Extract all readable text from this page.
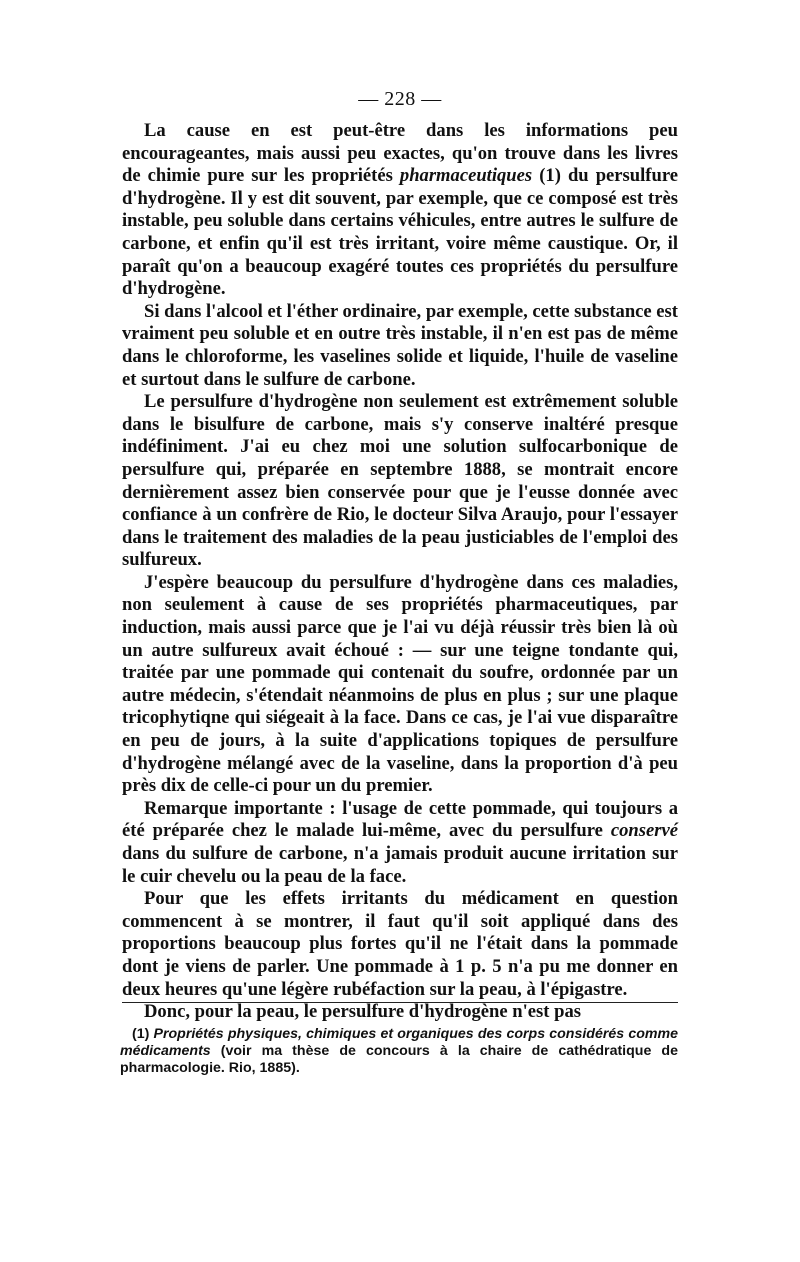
— 228 —

La cause en est peut-être dans les informations peu encourageantes, mais aussi peu exactes, qu'on trouve dans les livres de chimie pure sur les propriétés pharmaceutiques (1) du persulfure d'hydrogène. Il y est dit souvent, par exemple, que ce composé est très instable, peu soluble dans certains véhicules, entre autres le sulfure de carbone, et enfin qu'il est très irritant, voire même caustique. Or, il paraît qu'on a beaucoup exagéré toutes ces propriétés du persulfure d'hydrogène.

Si dans l'alcool et l'éther ordinaire, par exemple, cette substance est vraiment peu soluble et en outre très instable, il n'en est pas de même dans le chloroforme, les vaselines solide et liquide, l'huile de vaseline et surtout dans le sulfure de carbone.

Le persulfure d'hydrogène non seulement est extrêmement soluble dans le bisulfure de carbone, mais s'y conserve inaltéré presque indéfiniment. J'ai eu chez moi une solution sulfocarbonique de persulfure qui, préparée en septembre 1888, se montrait encore dernièrement assez bien conservée pour que je l'eusse donnée avec confiance à un confrère de Rio, le docteur Silva Araujo, pour l'essayer dans le traitement des maladies de la peau justiciables de l'emploi des sulfureux.

J'espère beaucoup du persulfure d'hydrogène dans ces maladies, non seulement à cause de ses propriétés pharmaceutiques, par induction, mais aussi parce que je l'ai vu déjà réussir très bien là où un autre sulfureux avait échoué : — sur une teigne tondante qui, traitée par une pommade qui contenait du soufre, ordonnée par un autre médecin, s'étendait néanmoins de plus en plus ; sur une plaque tricophytiqne qui siégeait à la face. Dans ce cas, je l'ai vue disparaître en peu de jours, à la suite d'applications topiques de persulfure d'hydrogène mélangé avec de la vaseline, dans la proportion d'à peu près dix de celle-ci pour un du premier.

Remarque importante : l'usage de cette pommade, qui toujours a été préparée chez le malade lui-même, avec du persulfure conservé dans du sulfure de carbone, n'a jamais produit aucune irritation sur le cuir chevelu ou la peau de la face.

Pour que les effets irritants du médicament en question commencent à se montrer, il faut qu'il soit appliqué dans des proportions beaucoup plus fortes qu'il ne l'était dans la pommade dont je viens de parler. Une pommade à 1 p. 5 n'a pu me donner en deux heures qu'une légère rubéfaction sur la peau, à l'épigastre.

Donc, pour la peau, le persulfure d'hydrogène n'est pas

(1) Propriétés physiques, chimiques et organiques des corps considérés comme médicaments (voir ma thèse de concours à la chaire de cathédratique de pharmacologie. Rio, 1885).
